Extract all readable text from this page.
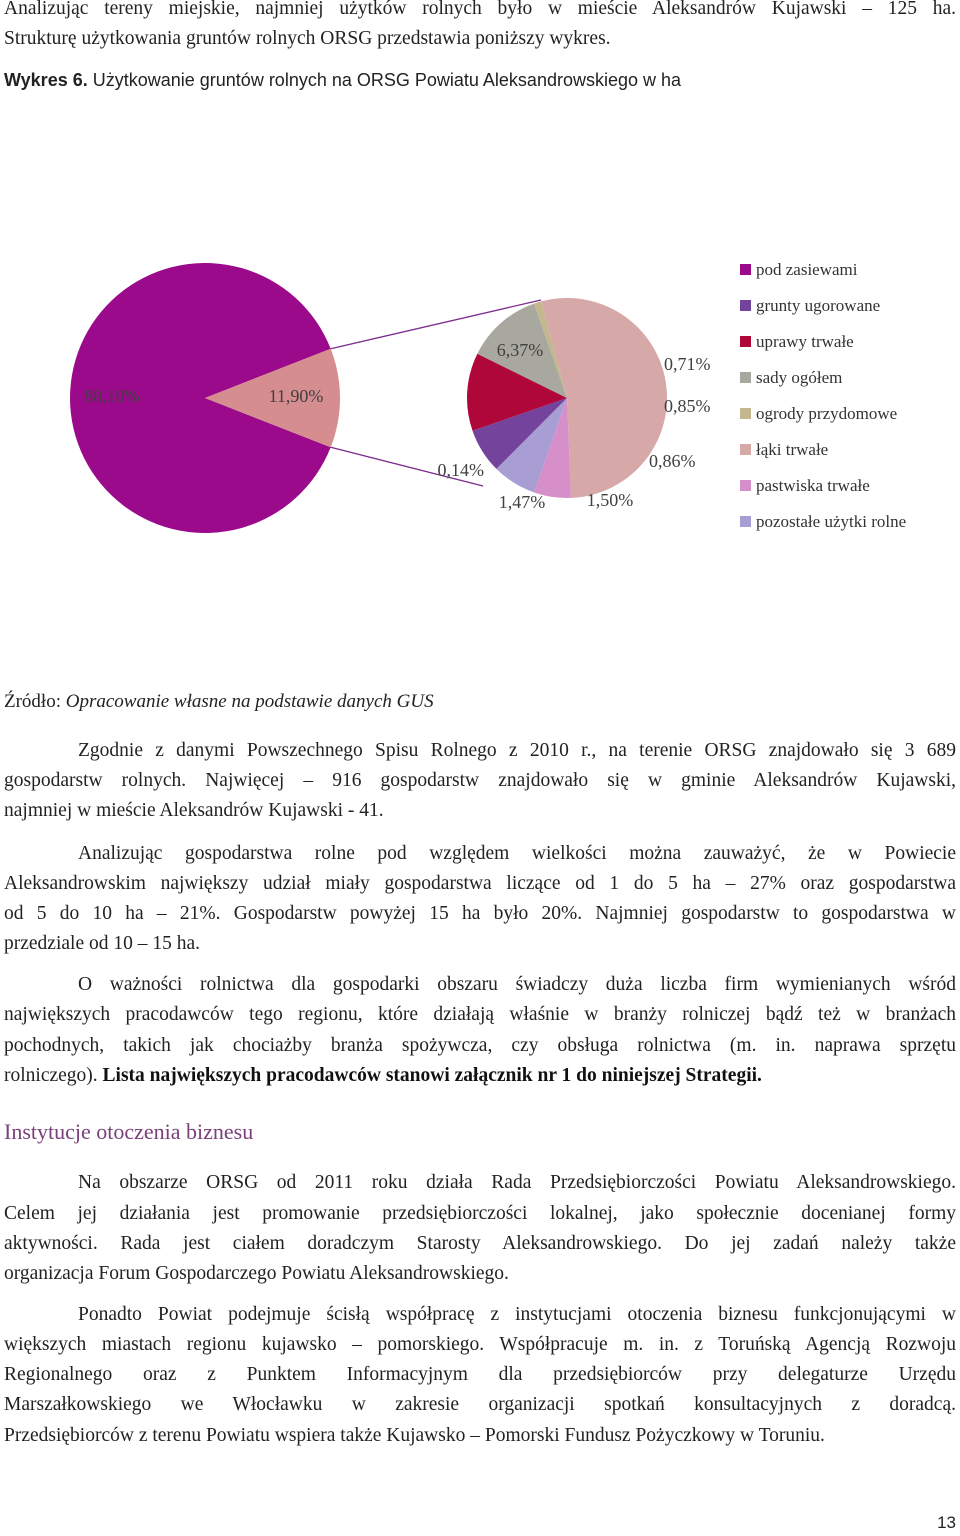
Analizując tereny miejskie, najmniej użytków rolnych było w mieście Aleksandrów Kujawski – 125 ha.

Strukturę użytkowania gruntów rolnych ORSG przedstawia poniższy wykres.

Wykres 6. Użytkowanie gruntów rolnych na ORSG Powiatu Aleksandrowskiego w ha
88,10%	11,90%
6,37%
0,71%
0,85%
0,86%
1,50%
1,47%
0,14%
pod zasiewami
grunty ugorowane
uprawy trwałe
sady ogółem
ogrody przydomowe
łąki trwałe
pastwiska trwałe
pozostałe użytki rolne
Źródło: Opracowanie własne na podstawie danych GUS

Zgodnie z danymi Powszechnego Spisu Rolnego z 2010 r., na terenie ORSG znajdowało się 3 689

gospodarstw rolnych. Najwięcej – 916 gospodarstw znajdowało się w gminie Aleksandrów Kujawski,

najmniej w mieście Aleksandrów Kujawski - 41.

Analizując gospodarstwa rolne pod względem wielkości można zauważyć, że w Powiecie

Aleksandrowskim największy udział miały gospodarstwa liczące od 1 do 5 ha – 27% oraz gospodarstwa

od 5 do 10 ha – 21%. Gospodarstw powyżej 15 ha było 20%. Najmniej gospodarstw to gospodarstwa w

przedziale od 10 – 15 ha.

O ważności rolnictwa dla gospodarki obszaru świadczy duża liczba firm wymienianych wśród

największych pracodawców tego regionu, które działają właśnie w branży rolniczej bądź też w branżach

pochodnych, takich jak chociażby branża spożywcza, czy obsługa rolnictwa (m. in. naprawa sprzętu

rolniczego). Lista największych pracodawców stanowi załącznik nr 1 do niniejszej Strategii.

Instytucje otoczenia biznesu

Na obszarze ORSG od 2011 roku działa Rada Przedsiębiorczości Powiatu Aleksandrowskiego.

Celem jej działania jest promowanie przedsiębiorczości lokalnej, jako społecznie docenianej formy

aktywności. Rada jest ciałem doradczym Starosty Aleksandrowskiego. Do jej zadań należy także

organizacja Forum Gospodarczego Powiatu Aleksandrowskiego.

Ponadto Powiat podejmuje ścisłą współpracę z instytucjami otoczenia biznesu funkcjonującymi w

większych miastach regionu kujawsko – pomorskiego. Współpracuje m. in. z Toruńską Agencją Rozwoju

Regionalnego oraz z Punktem Informacyjnym dla przedsiębiorców przy delegaturze Urzędu

Marszałkowskiego we Włocławku w zakresie organizacji spotkań konsultacyjnych z doradcą.

Przedsiębiorców z terenu Powiatu wspiera także Kujawsko – Pomorski Fundusz Pożyczkowy w Toruniu.

13
